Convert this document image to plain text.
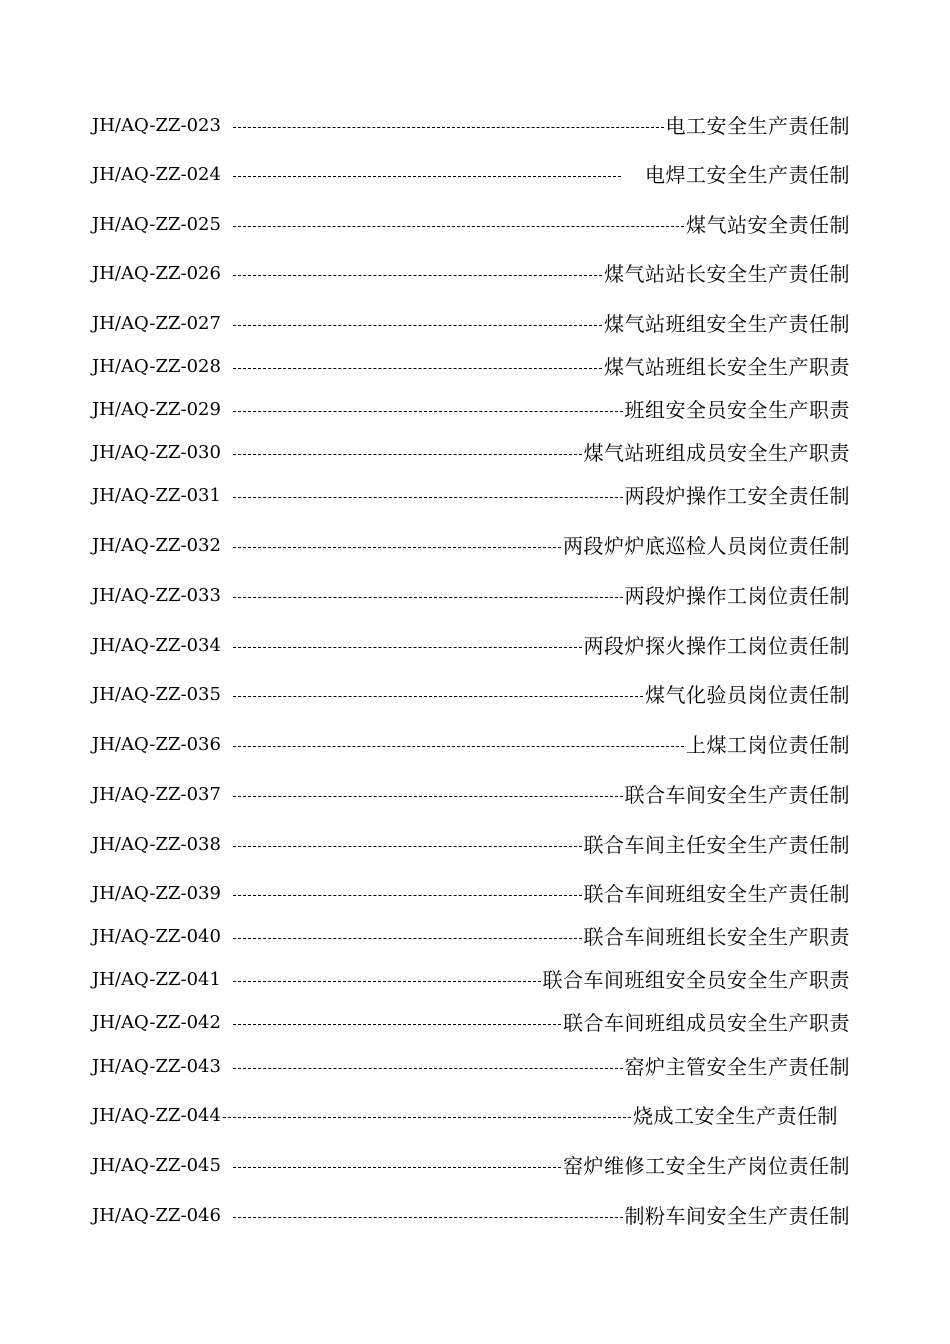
JH/AQ-ZZ-023	电工安全生产责任制
JH/AQ-ZZ-024	电焊工安全生产责任制
JH/AQ-ZZ-025	煤气站安全责任制
JH/AQ-ZZ-026	煤气站站长安全生产责任制
JH/AQ-ZZ-027	煤气站班组安全生产责任制
JH/AQ-ZZ-028	煤气站班组长安全生产职责
JH/AQ-ZZ-029	班组安全员安全生产职责
JH/AQ-ZZ-030	煤气站班组成员安全生产职责
JH/AQ-ZZ-031	两段炉操作工安全责任制
JH/AQ-ZZ-032	两段炉炉底巡检人员岗位责任制
JH/AQ-ZZ-033	两段炉操作工岗位责任制
JH/AQ-ZZ-034	两段炉探火操作工岗位责任制
JH/AQ-ZZ-035	煤气化验员岗位责任制
JH/AQ-ZZ-036	上煤工岗位责任制
JH/AQ-ZZ-037	联合车间安全生产责任制
JH/AQ-ZZ-038	联合车间主任安全生产责任制
JH/AQ-ZZ-039	联合车间班组安全生产责任制
JH/AQ-ZZ-040	联合车间班组长安全生产职责
JH/AQ-ZZ-041	联合车间班组安全员安全生产职责
JH/AQ-ZZ-042	联合车间班组成员安全生产职责
JH/AQ-ZZ-043	窑炉主管安全生产责任制
JH/AQ-ZZ-044	烧成工安全生产责任制
JH/AQ-ZZ-045	窑炉维修工安全生产岗位责任制
JH/AQ-ZZ-046	制粉车间安全生产责任制
